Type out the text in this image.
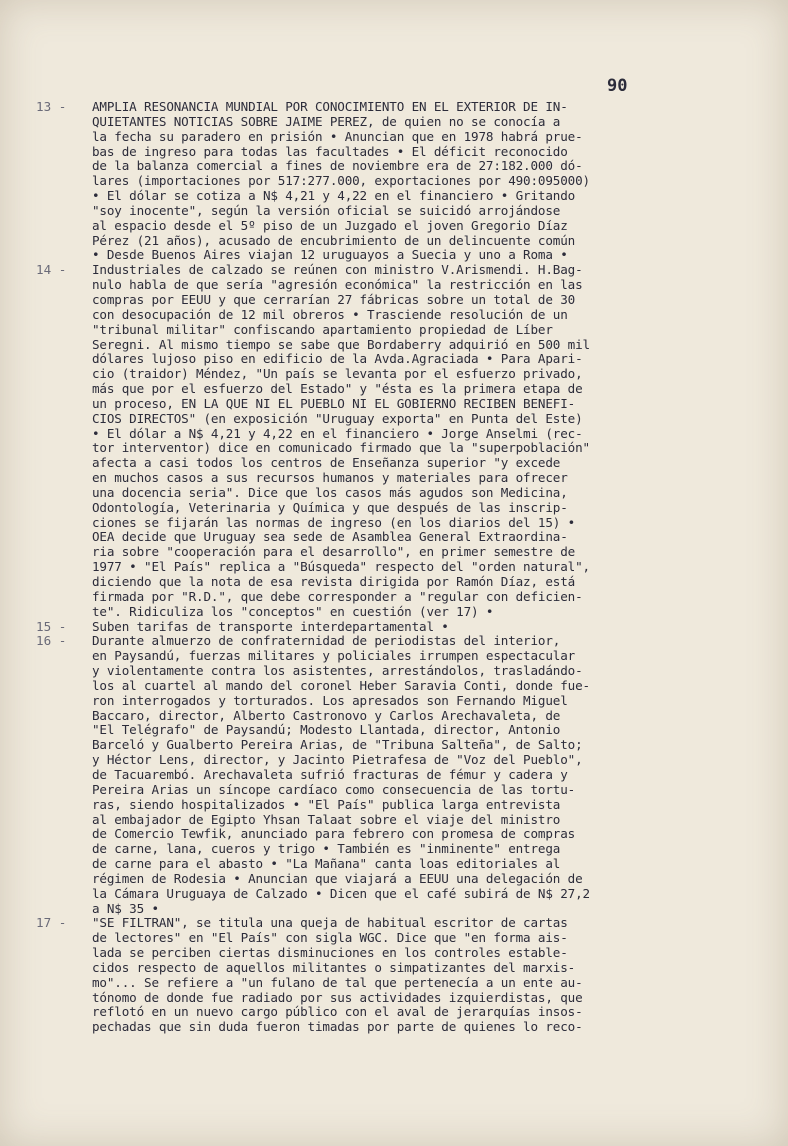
90
13 -	AMPLIA RESONANCIA MUNDIAL POR CONOCIMIENTO EN EL EXTERIOR DE IN-
QUIETANTES NOTICIAS SOBRE JAIME PEREZ, de quien no se conocía a
la fecha su paradero en prisión • Anuncian que en 1978 habrá prue-
bas de ingreso para todas las facultades • El déficit reconocido
de la balanza comercial a fines de noviembre era de 27:182.000 dó-
lares (importaciones por 517:277.000, exportaciones por 490:095000)
• El dólar se cotiza a N$ 4,21 y 4,22 en el financiero • Gritando
"soy inocente", según la versión oficial se suicidó arrojándose
al espacio desde el 5º piso de un Juzgado el joven Gregorio Díaz
Pérez (21 años), acusado de encubrimiento de un delincuente común
• Desde Buenos Aires viajan 12 uruguayos a Suecia y uno a Roma •
14 -	Industriales de calzado se reúnen con ministro V.Arismendi. H.Bag-
nulo habla de que sería "agresión económica" la restricción en las
compras por EEUU y que cerrarían 27 fábricas sobre un total de 30
con desocupación de 12 mil obreros • Trasciende resolución de un
"tribunal militar" confiscando apartamiento propiedad de Líber
Seregni. Al mismo tiempo se sabe que Bordaberry adquirió en 500 mil
dólares lujoso piso en edificio de la Avda.Agraciada • Para Apari-
cio (traidor) Méndez, "Un país se levanta por el esfuerzo privado,
más que por el esfuerzo del Estado" y "ésta es la primera etapa de
un proceso, EN LA QUE NI EL PUEBLO NI EL GOBIERNO RECIBEN BENEFI-
CIOS DIRECTOS" (en exposición "Uruguay exporta" en Punta del Este)
• El dólar a N$ 4,21 y 4,22 en el financiero • Jorge Anselmi (rec-
tor interventor) dice en comunicado firmado que la "superpoblación"
afecta a casi todos los centros de Enseñanza superior "y excede
en muchos casos a sus recursos humanos y materiales para ofrecer
una docencia seria". Dice que los casos más agudos son Medicina,
Odontología, Veterinaria y Química y que después de las inscrip-
ciones se fijarán las normas de ingreso (en los diarios del 15) •
OEA decide que Uruguay sea sede de Asamblea General Extraordina-
ria sobre "cooperación para el desarrollo", en primer semestre de
1977 • "El País" replica a "Búsqueda" respecto del "orden natural",
diciendo que la nota de esa revista dirigida por Ramón Díaz, está
firmada por "R.D.", que debe corresponder a "regular con deficien-
te". Ridiculiza los "conceptos" en cuestión (ver 17) •
15 -	Suben tarifas de transporte interdepartamental •
16 -	Durante almuerzo de confraternidad de periodistas del interior,
en Paysandú, fuerzas militares y policiales irrumpen espectacular
y violentamente contra los asistentes, arrestándolos, trasladándo-
los al cuartel al mando del coronel Heber Saravia Conti, donde fue-
ron interrogados y torturados. Los apresados son Fernando Miguel
Baccaro, director, Alberto Castronovo y Carlos Arechavaleta, de
"El Telégrafo" de Paysandú; Modesto Llantada, director, Antonio
Barceló y Gualberto Pereira Arias, de "Tribuna Salteña", de Salto;
y Héctor Lens, director, y Jacinto Pietrafesa de "Voz del Pueblo",
de Tacuarembó. Arechavaleta sufrió fracturas de fémur y cadera y
Pereira Arias un síncope cardíaco como consecuencia de las tortu-
ras, siendo hospitalizados • "El País" publica larga entrevista
al embajador de Egipto Yhsan Talaat sobre el viaje del ministro
de Comercio Tewfik, anunciado para febrero con promesa de compras
de carne, lana, cueros y trigo • También es "inminente" entrega
de carne para el abasto • "La Mañana" canta loas editoriales al
régimen de Rodesia • Anuncian que viajará a EEUU una delegación de
la Cámara Uruguaya de Calzado • Dicen que el café subirá de N$ 27,2
a N$ 35 •
17 -	"SE FILTRAN", se titula una queja de habitual escritor de cartas
de lectores" en "El País" con sigla WGC. Dice que "en forma ais-
lada se perciben ciertas disminuciones en los controles estable-
cidos respecto de aquellos militantes o simpatizantes del marxis-
mo"... Se refiere a "un fulano de tal que pertenecía a un ente au-
tónomo de donde fue radiado por sus actividades izquierdistas, que
reflotó en un nuevo cargo público con el aval de jerarquías insos-
pechadas que sin duda fueron timadas por parte de quienes lo reco-
